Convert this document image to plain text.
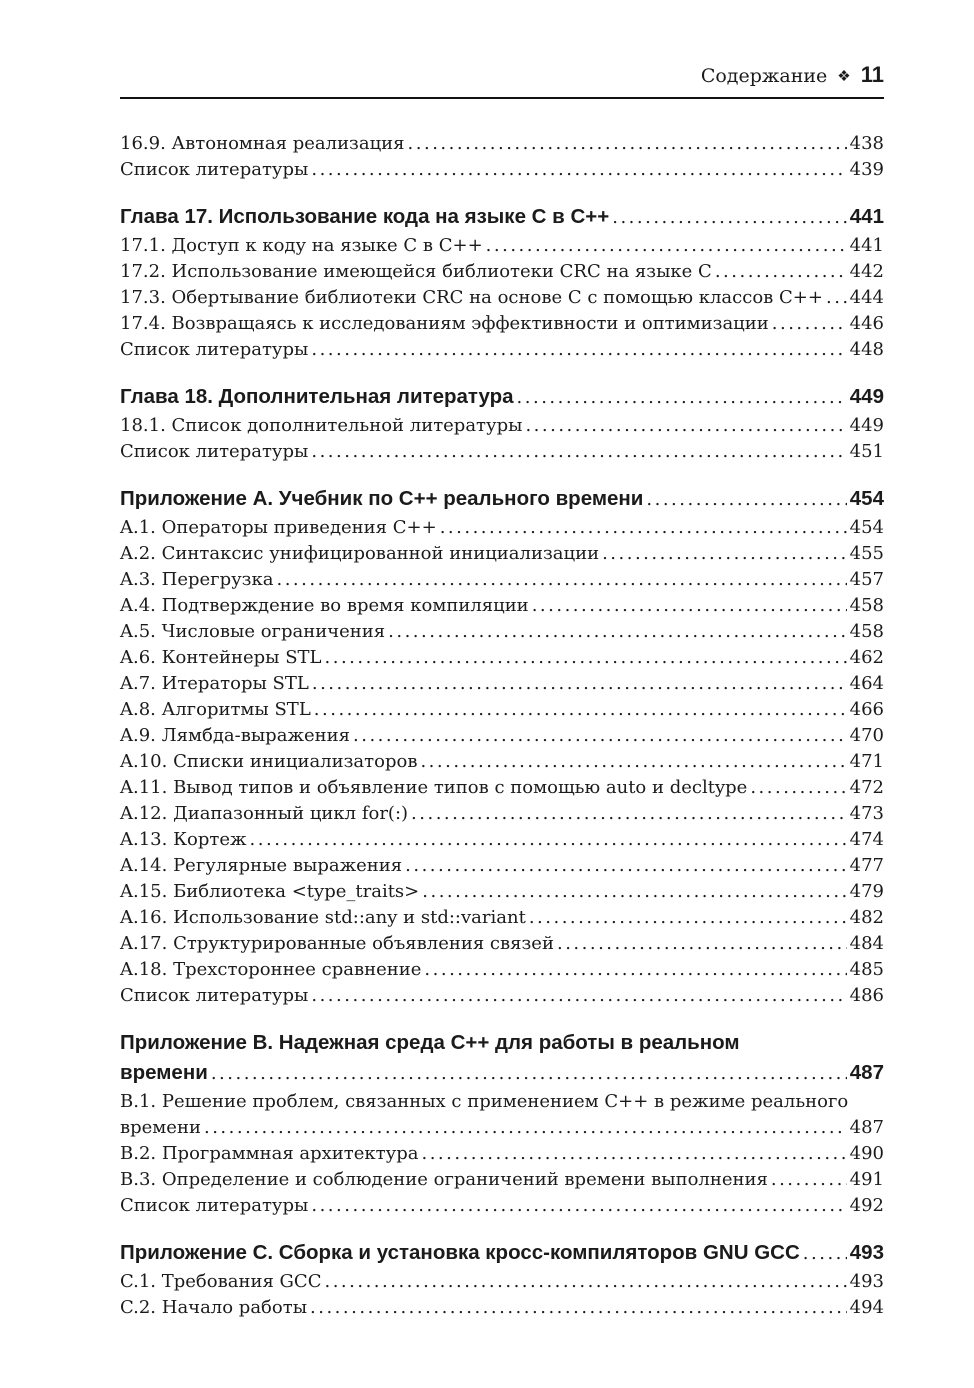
Содержание ❖ 11
16.9. Автономная реализация .....	438
Список литературы .....	439
Глава 17. Использование кода на языке C в C++ .....	441
17.1. Доступ к коду на языке C в C++ .....	441
17.2. Использование имеющейся библиотеки CRC на языке C .....	442
17.3. Обертывание библиотеки CRC на основе C с помощью классов C++ ..... 444
17.4. Возвращаясь к исследованиям эффективности и оптимизации .....	446
Список литературы .....	448
Глава 18. Дополнительная литература .....	449
18.1. Список дополнительной литературы .....	449
Список литературы .....	451
Приложение A. Учебник по C++ реального времени .....	454
A.1. Операторы приведения C++ .....	454
A.2. Синтаксис унифицированной инициализации .....	455
A.3. Перегрузка .....	457
A.4. Подтверждение во время компиляции .....	458
A.5. Числовые ограничения .....	458
A.6. Контейнеры STL .....	462
A.7. Итераторы STL .....	464
A.8. Алгоритмы STL .....	466
A.9. Лямбда-выражения .....	470
A.10. Списки инициализаторов .....	471
A.11. Вывод типов и объявление типов с помощью auto и decltype .....	472
A.12. Диапазонный цикл for(:) .....	473
A.13. Кортеж .....	474
A.14. Регулярные выражения .....	477
A.15. Библиотека <type_traits> .....	479
A.16. Использование std::any и std::variant .....	482
A.17. Структурированные объявления связей .....	484
A.18. Трехстороннее сравнение .....	485
Список литературы .....	486
Приложение B. Надежная среда C++ для работы в реальном
времени .....	487
B.1. Решение проблем, связанных с применением C++ в режиме реального
времени .....	487
B.2. Программная архитектура .....	490
B.3. Определение и соблюдение ограничений времени выполнения .....	491
Список литературы .....	492
Приложение C. Сборка и установка кросс-компиляторов GNU GCC ..... 493
C.1. Требования GCC .....	493
C.2. Начало работы .....	494
